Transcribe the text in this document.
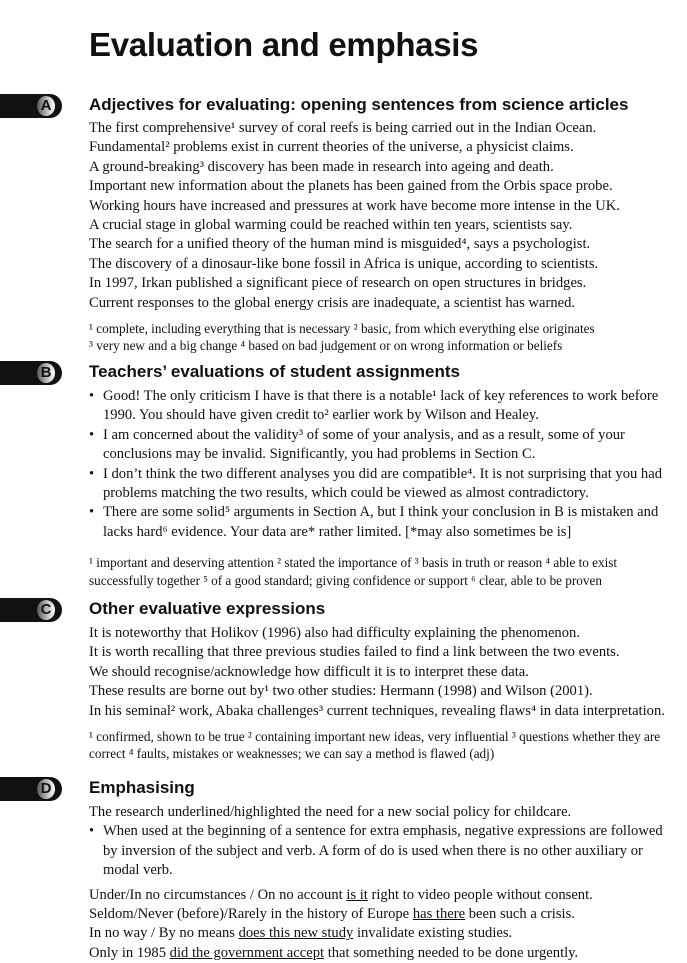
Evaluation and emphasis
A Adjectives for evaluating: opening sentences from science articles

The first comprehensive¹ survey of coral reefs is being carried out in the Indian Ocean.

Fundamental² problems exist in current theories of the universe, a physicist claims.

A ground-breaking³ discovery has been made in research into ageing and death.

Important new information about the planets has been gained from the Orbis space probe.

Working hours have increased and pressures at work have become more intense in the UK.

A crucial stage in global warming could be reached within ten years, scientists say.

The search for a unified theory of the human mind is misguided⁴, says a psychologist.

The discovery of a dinosaur-like bone fossil in Africa is unique, according to scientists.

In 1997, Irkan published a significant piece of research on open structures in bridges.

Current responses to the global energy crisis are inadequate, a scientist has warned.

¹ complete, including everything that is necessary ² basic, from which everything else originates

³ very new and a big change ⁴ based on bad judgement or on wrong information or beliefs

B Teachers’ evaluations of student assignments
• Good! The only criticism I have is that there is a notable¹ lack of key references to work before 1990. You should have given credit to² earlier work by Wilson and Healey.
• I am concerned about the validity³ of some of your analysis, and as a result, some of your conclusions may be invalid. Significantly, you had problems in Section C.
• I don’t think the two different analyses you did are compatible⁴. It is not surprising that you had problems matching the two results, which could be viewed as almost contradictory.
• There are some solid⁵ arguments in Section A, but I think your conclusion in B is mistaken and lacks hard⁶ evidence. Your data are* rather limited. [*may also sometimes be is]

¹ important and deserving attention ² stated the importance of ³ basis in truth or reason ⁴ able to exist successfully together ⁵ of a good standard; giving confidence or support ⁶ clear, able to be proven

C Other evaluative expressions

It is noteworthy that Holikov (1996) also had difficulty explaining the phenomenon.

It is worth recalling that three previous studies failed to find a link between the two events.

We should recognise/acknowledge how difficult it is to interpret these data.

These results are borne out by¹ two other studies: Hermann (1998) and Wilson (2001).

In his seminal² work, Abaka challenges³ current techniques, revealing flaws⁴ in data interpretation.

¹ confirmed, shown to be true ² containing important new ideas, very influential ³ questions whether they are correct ⁴ faults, mistakes or weaknesses; we can say a method is flawed (adj)

D Emphasising

The research underlined/highlighted the need for a new social policy for childcare.

• When used at the beginning of a sentence for extra emphasis, negative expressions are followed by inversion of the subject and verb. A form of do is used when there is no other auxiliary or modal verb.

Under/In no circumstances / On no account is it right to video people without consent.

Seldom/Never (before)/Rarely in the history of Europe has there been such a crisis.

In no way / By no means does this new study invalidate existing studies.

Only in 1985 did the government accept that something needed to be done urgently.
